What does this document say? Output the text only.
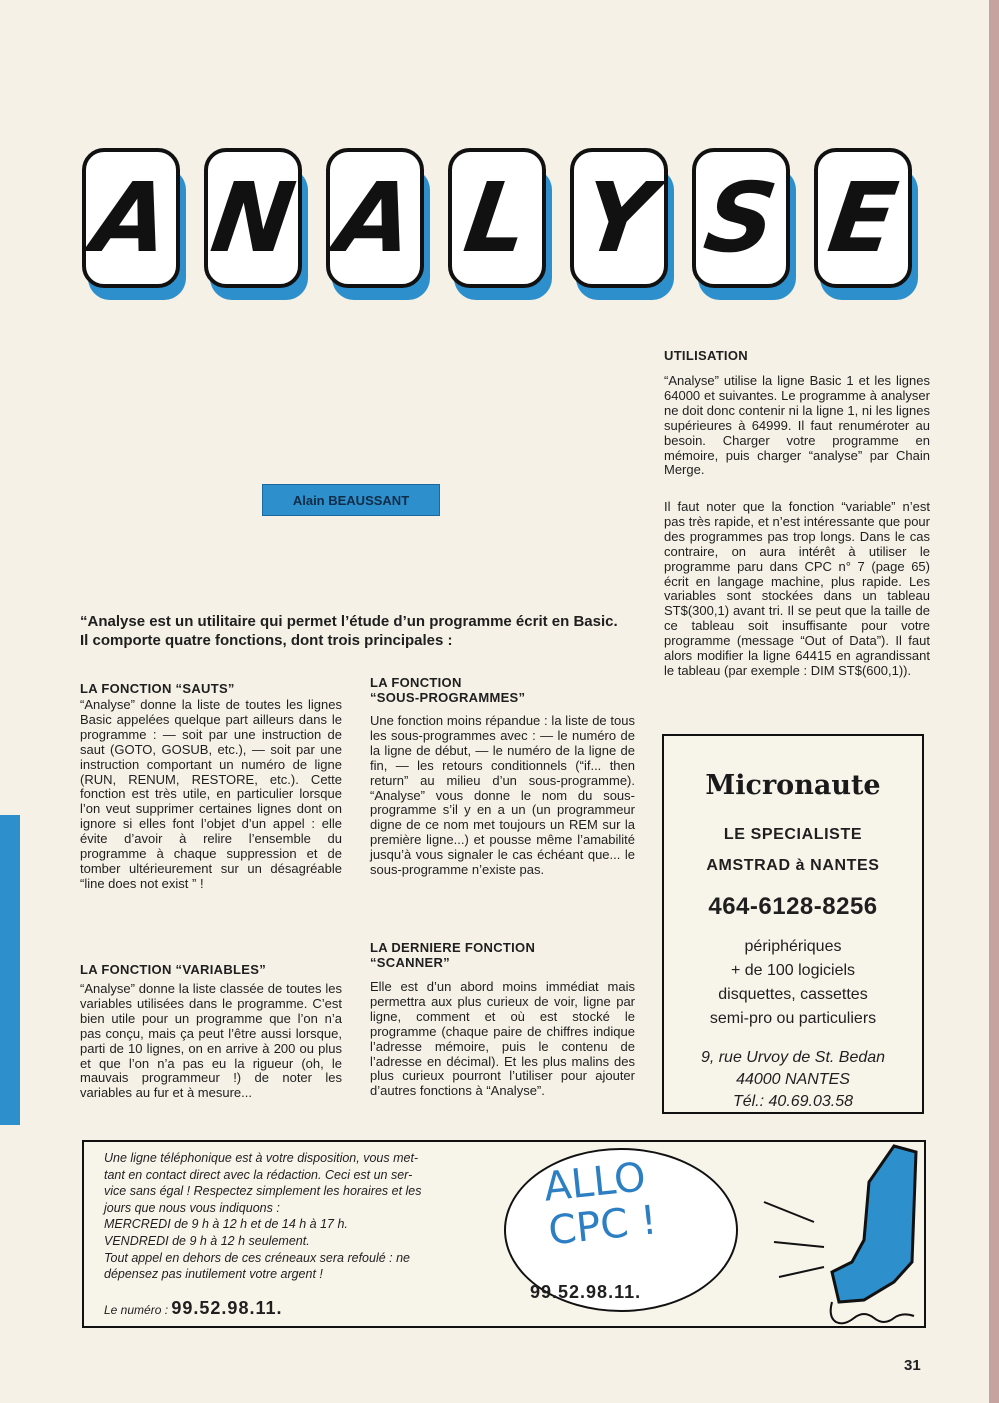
A N A L Y S E
Alain BEAUSSANT
“Analyse est un utilitaire qui permet l’étude d’un programme écrit en Basic.
Il comporte quatre fonctions, dont trois principales :
LA FONCTION “SAUTS”
“Analyse” donne la liste de toutes les lignes Basic appelées quelque part ailleurs dans le programme : — soit par une instruction de saut (GOTO, GOSUB, etc.), — soit par une instruction comportant un numéro de ligne (RUN, RENUM, RESTORE, etc.). Cette fonction est très utile, en particulier lorsque l’on veut supprimer certaines lignes dont on ignore si elles font l’objet d’un appel : elle évite d’avoir à relire l’ensemble du programme à chaque suppression et de tomber ultérieurement sur un désagréable “line does not exist ” !
LA FONCTION “VARIABLES”
“Analyse” donne la liste classée de toutes les variables utilisées dans le programme. C’est bien utile pour un programme que l’on n’a pas conçu, mais ça peut l’être aussi lorsque, parti de 10 lignes, on en arrive à 200 ou plus et que l’on n’a pas eu la rigueur (oh, le mauvais programmeur !) de noter les variables au fur et à mesure...
LA FONCTION
“SOUS-PROGRAMMES”
Une fonction moins répandue : la liste de tous les sous-programmes avec : — le numéro de la ligne de début, — le numéro de la ligne de fin, — les retours conditionnels (“if... then return” au milieu d’un sous-programme). “Analyse” vous donne le nom du sous-programme s’il y en a un (un programmeur digne de ce nom met toujours un REM sur la première ligne...) et pousse même l’amabilité jusqu’à vous signaler le cas échéant que... le sous-programme n’existe pas.
LA DERNIERE FONCTION
“SCANNER”
Elle est d’un abord moins immédiat mais permettra aux plus curieux de voir, ligne par ligne, comment et où est stocké le programme (chaque paire de chiffres indique l’adresse mémoire, puis le contenu de l’adresse en décimal). Et les plus malins des plus curieux pourront l’utiliser pour ajouter d’autres fonctions à “Analyse”.
UTILISATION
“Analyse” utilise la ligne Basic 1 et les lignes 64000 et suivantes. Le programme à analyser ne doit donc contenir ni la ligne 1, ni les lignes supérieures à 64999. Il faut renuméroter au besoin. Charger votre programme en mémoire, puis charger “analyse” par Chain Merge.
Il faut noter que la fonction “variable” n’est pas très rapide, et n’est intéressante que pour des programmes pas trop longs. Dans le cas contraire, on aura intérêt à utiliser le programme paru dans CPC n° 7 (page 65) écrit en langage machine, plus rapide. Les variables sont stockées dans un tableau ST$(300,1) avant tri. Il se peut que la taille de ce tableau soit insuffisante pour votre programme (message “Out of Data”). Il faut alors modifier la ligne 64415 en agrandissant le tableau (par exemple : DIM ST$(600,1)).
Micronaute
LE SPECIALISTE
AMSTRAD à NANTES
464-6128-8256
périphériques
+ de 100 logiciels
disquettes, cassettes
semi-pro ou particuliers
9, rue Urvoy de St. Bedan
44000 NANTES
Tél.: 40.69.03.58
Une ligne téléphonique est à votre disposition, vous met-
tant en contact direct avec la rédaction. Ceci est un ser-
vice sans égal ! Respectez simplement les horaires et les
jours que nous vous indiquons :
MERCREDI de 9 h à 12 h et de 14 h à 17 h.
VENDREDI de 9 h à 12 h seulement.
Tout appel en dehors de ces créneaux sera refoulé : ne
dépensez pas inutilement votre argent !
Le numéro : 99.52.98.11.
ALLO
CPC !
99.52.98.11.
31
